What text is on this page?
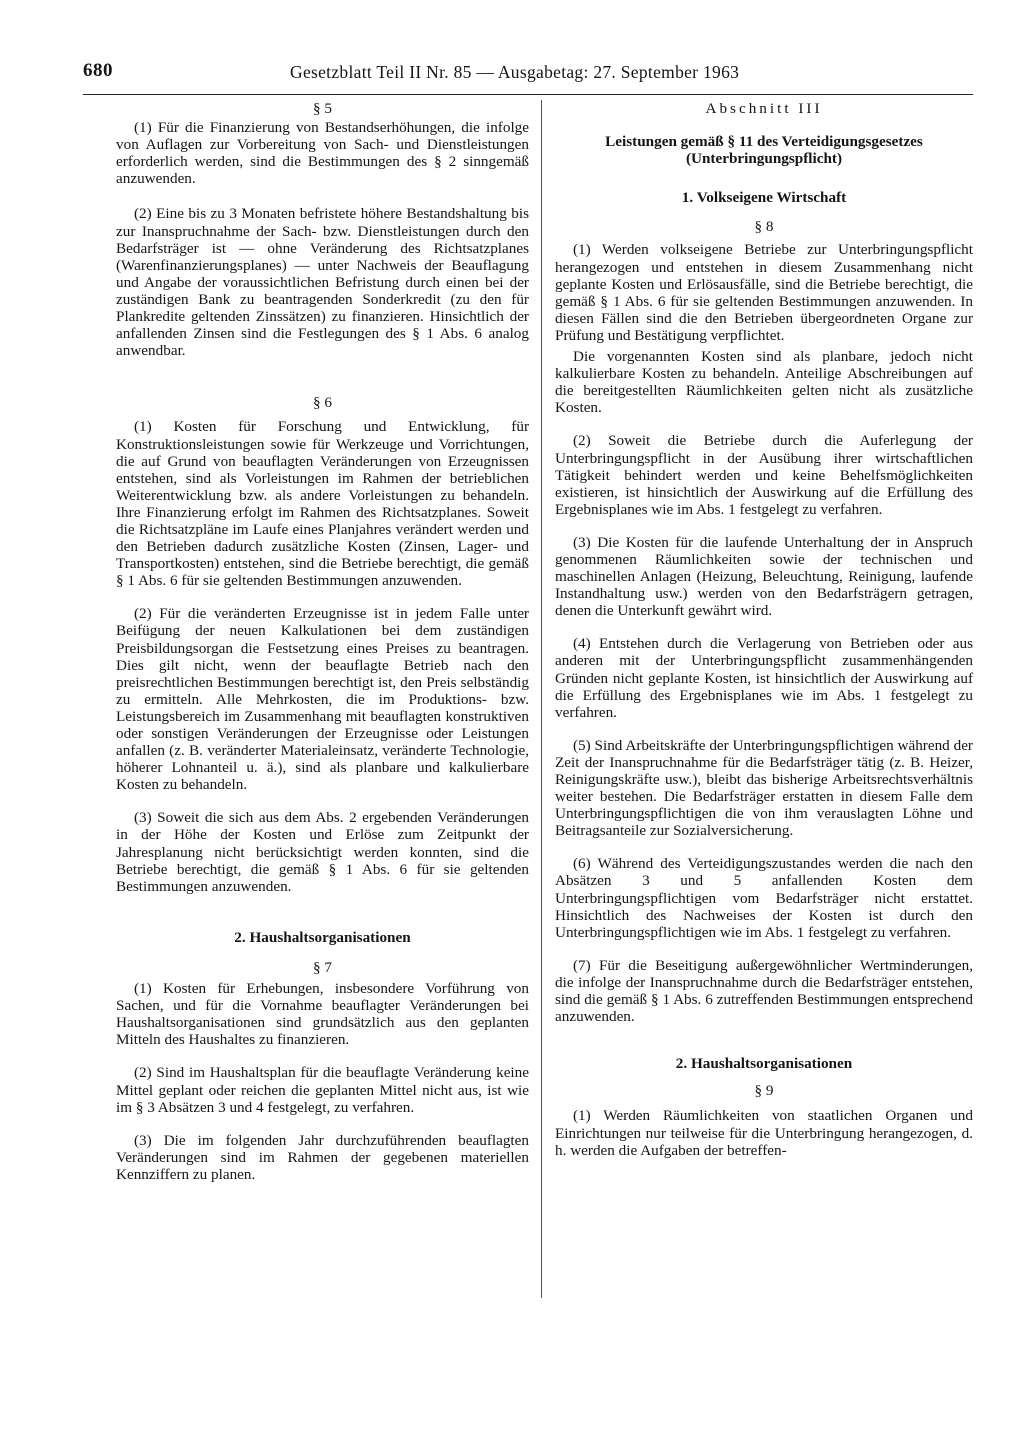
680	Gesetzblatt Teil II Nr. 85 — Ausgabetag: 27. September 1963
§ 5

(1) Für die Finanzierung von Bestandserhöhungen, die infolge von Auflagen zur Vorbereitung von Sach- und Dienstleistungen erforderlich werden, sind die Bestimmungen des § 2 sinngemäß anzuwenden.

(2) Eine bis zu 3 Monaten befristete höhere Bestandshaltung bis zur Inanspruchnahme der Sach- bzw. Dienstleistungen durch den Bedarfsträger ist — ohne Veränderung des Richtsatzplanes (Warenfinanzierungsplanes) — unter Nachweis der Beauflagung und Angabe der voraussichtlichen Befristung durch einen bei der zuständigen Bank zu beantragenden Sonderkredit (zu den für Plankredite geltenden Zinssätzen) zu finanzieren. Hinsichtlich der anfallenden Zinsen sind die Festlegungen des § 1 Abs. 6 analog anwendbar.

§ 6

(1) Kosten für Forschung und Entwicklung, für Konstruktionsleistungen sowie für Werkzeuge und Vorrichtungen, die auf Grund von beauflagten Veränderungen von Erzeugnissen entstehen, sind als Vorleistungen im Rahmen der betrieblichen Weiterentwicklung bzw. als andere Vorleistungen zu behandeln. Ihre Finanzierung erfolgt im Rahmen des Richtsatzplanes. Soweit die Richtsatzpläne im Laufe eines Planjahres verändert werden und den Betrieben dadurch zusätzliche Kosten (Zinsen, Lager- und Transportkosten) entstehen, sind die Betriebe berechtigt, die gemäß § 1 Abs. 6 für sie geltenden Bestimmungen anzuwenden.

(2) Für die veränderten Erzeugnisse ist in jedem Falle unter Beifügung der neuen Kalkulationen bei dem zuständigen Preisbildungsorgan die Festsetzung eines Preises zu beantragen. Dies gilt nicht, wenn der beauflagte Betrieb nach den preisrechtlichen Bestimmungen berechtigt ist, den Preis selbständig zu ermitteln. Alle Mehrkosten, die im Produktions- bzw. Leistungsbereich im Zusammenhang mit beauflagten konstruktiven oder sonstigen Veränderungen der Erzeugnisse oder Leistungen anfallen (z. B. veränderter Materialeinsatz, veränderte Technologie, höherer Lohnanteil u. ä.), sind als planbare und kalkulierbare Kosten zu behandeln.

(3) Soweit die sich aus dem Abs. 2 ergebenden Veränderungen in der Höhe der Kosten und Erlöse zum Zeitpunkt der Jahresplanung nicht berücksichtigt werden konnten, sind die Betriebe berechtigt, die gemäß § 1 Abs. 6 für sie geltenden Bestimmungen anzuwenden.

2. Haushaltsorganisationen
§ 7

(1) Kosten für Erhebungen, insbesondere Vorführung von Sachen, und für die Vornahme beauflagter Veränderungen bei Haushaltsorganisationen sind grundsätzlich aus den geplanten Mitteln des Haushaltes zu finanzieren.

(2) Sind im Haushaltsplan für die beauflagte Veränderung keine Mittel geplant oder reichen die geplanten Mittel nicht aus, ist wie im § 3 Absätzen 3 und 4 festgelegt, zu verfahren.

(3) Die im folgenden Jahr durchzuführenden beauflagten Veränderungen sind im Rahmen der gegebenen materiellen Kennziffern zu planen.

Abschnitt III
Leistungen gemäß § 11 des Verteidigungsgesetzes (Unterbringungspflicht)
1. Volkseigene Wirtschaft
§ 8

(1) Werden volkseigene Betriebe zur Unterbringungspflicht herangezogen und entstehen in diesem Zusammenhang nicht geplante Kosten und Erlösausfälle, sind die Betriebe berechtigt, die gemäß § 1 Abs. 6 für sie geltenden Bestimmungen anzuwenden. In diesen Fällen sind die den Betrieben übergeordneten Organe zur Prüfung und Bestätigung verpflichtet.

Die vorgenannten Kosten sind als planbare, jedoch nicht kalkulierbare Kosten zu behandeln. Anteilige Abschreibungen auf die bereitgestellten Räumlichkeiten gelten nicht als zusätzliche Kosten.

(2) Soweit die Betriebe durch die Auferlegung der Unterbringungspflicht in der Ausübung ihrer wirtschaftlichen Tätigkeit behindert werden und keine Behelfsmöglichkeiten existieren, ist hinsichtlich der Auswirkung auf die Erfüllung des Ergebnisplanes wie im Abs. 1 festgelegt zu verfahren.

(3) Die Kosten für die laufende Unterhaltung der in Anspruch genommenen Räumlichkeiten sowie der technischen und maschinellen Anlagen (Heizung, Beleuchtung, Reinigung, laufende Instandhaltung usw.) werden von den Bedarfsträgern getragen, denen die Unterkunft gewährt wird.

(4) Entstehen durch die Verlagerung von Betrieben oder aus anderen mit der Unterbringungspflicht zusammenhängenden Gründen nicht geplante Kosten, ist hinsichtlich der Auswirkung auf die Erfüllung des Ergebnisplanes wie im Abs. 1 festgelegt zu verfahren.

(5) Sind Arbeitskräfte der Unterbringungspflichtigen während der Zeit der Inanspruchnahme für die Bedarfsträger tätig (z. B. Heizer, Reinigungskräfte usw.), bleibt das bisherige Arbeitsrechtsverhältnis weiter bestehen. Die Bedarfsträger erstatten in diesem Falle dem Unterbringungspflichtigen die von ihm verauslagten Löhne und Beitragsanteile zur Sozialversicherung.

(6) Während des Verteidigungszustandes werden die nach den Absätzen 3 und 5 anfallenden Kosten dem Unterbringungspflichtigen vom Bedarfsträger nicht erstattet. Hinsichtlich des Nachweises der Kosten ist durch den Unterbringungspflichtigen wie im Abs. 1 festgelegt zu verfahren.

(7) Für die Beseitigung außergewöhnlicher Wertminderungen, die infolge der Inanspruchnahme durch die Bedarfsträger entstehen, sind die gemäß § 1 Abs. 6 zutreffenden Bestimmungen entsprechend anzuwenden.

2. Haushaltsorganisationen
§ 9

(1) Werden Räumlichkeiten von staatlichen Organen und Einrichtungen nur teilweise für die Unterbringung herangezogen, d. h. werden die Aufgaben der betreffen-
